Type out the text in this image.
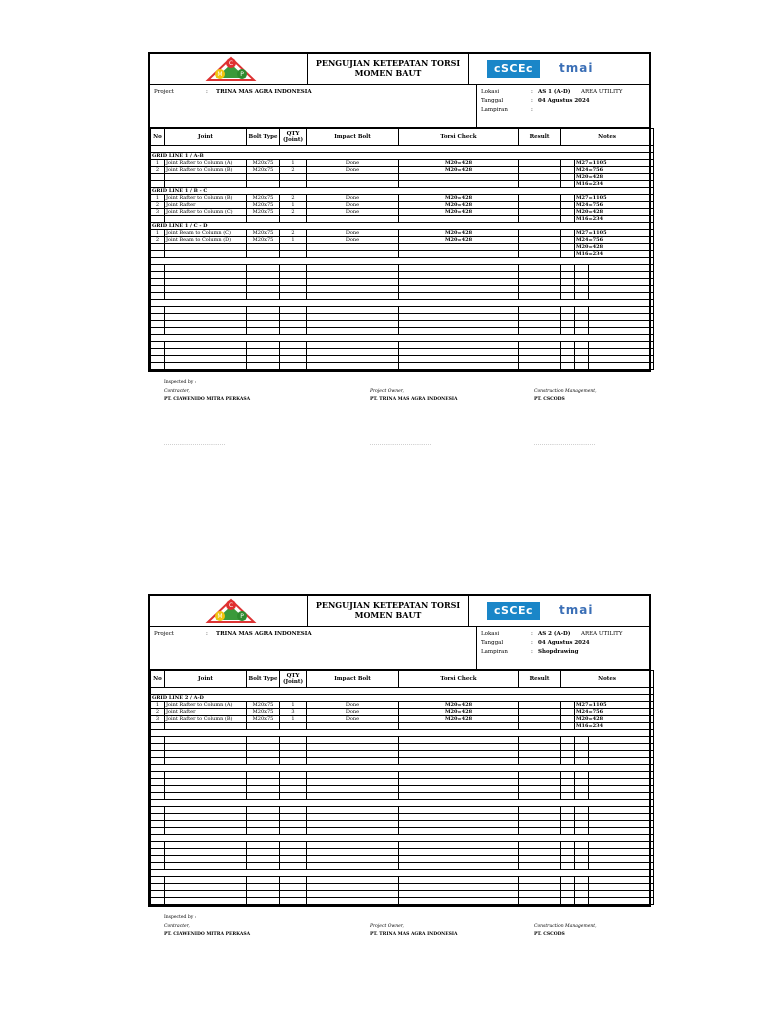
C
M	P
PENGUJIAN KETEPATAN TORSI
MOMEN BAUT	cSCEc	tmai
Project	: TRINA MAS AGRA INDONESIA	Lokasi	: AS 1 (A-D) AREA UTILITY
Tanggal	: 04 Agustus 2024
Lampiran	:
No	Joint	Bolt Type	QTY
(Joint)	Impact Bolt	Torsi Check	Result	Notes		

GRID LINE 1 / A-B									
1	Joint Rafter to Column (A)	M20x75	1	Done	M20=428			M27=1105	
2	Joint Rafter to Column (B)	M20x75	2	Done	M20=428			M24=756	
								M20=428	
								M16=234	
GRID LINE 1 / B - C									
1	Joint Rafter to Column (B)	M20x75	2	Done	M20=428			M27=1105	
2	Joint Rafter	M20x75	1	Done	M20=428			M24=756	
3	Joint Rafter to Column (C)	M20x75	2	Done	M20=428			M20=428	
								M16=234	
GRID LINE 1 / C - D									
1	Joint Beam to Column (C)	M20x75	2	Done	M20=428			M27=1105	
2	Joint Beam to Column (D)	M20x75	1	Done	M20=428			M24=756	
								M20=428	
								M16=234	

Inspected by :
Contracter,
PT. CIAWENIDO MITRA PERKASA
Project Owner,
PT. TRINA MAS AGRA INDONESIA
Construction Management,
PT. CSCODS
................................	................................	................................
C
M	P
PENGUJIAN KETEPATAN TORSI
MOMEN BAUT	cSCEc	tmai
Project	: TRINA MAS AGRA INDONESIA	Lokasi	: AS 2 (A-D) AREA UTILITY
Tanggal	: 04 Agustus 2024
Lampiran	: Shopdrawing
No	Joint	Bolt Type	QTY
(Joint)	Impact Bolt	Torsi Check	Result	Notes		

GRID LINE 2 / A-D									
1	Joint Rafter to Column (A)	M20x75	1	Done	M20=428			M27=1105	
2	Joint Rafter	M20x75	3	Done	M20=428			M24=756	
3	Joint Rafter to Column (B)	M20x75	1	Done	M20=428			M20=428	
								M16=234	

Inspected by :
Project Owner,
Contracter,
PT. CIAWENIDO MITRA PERKASA	PT. TRINA MAS AGRA INDONESIA
Construction Management,
PT. CSCODS
